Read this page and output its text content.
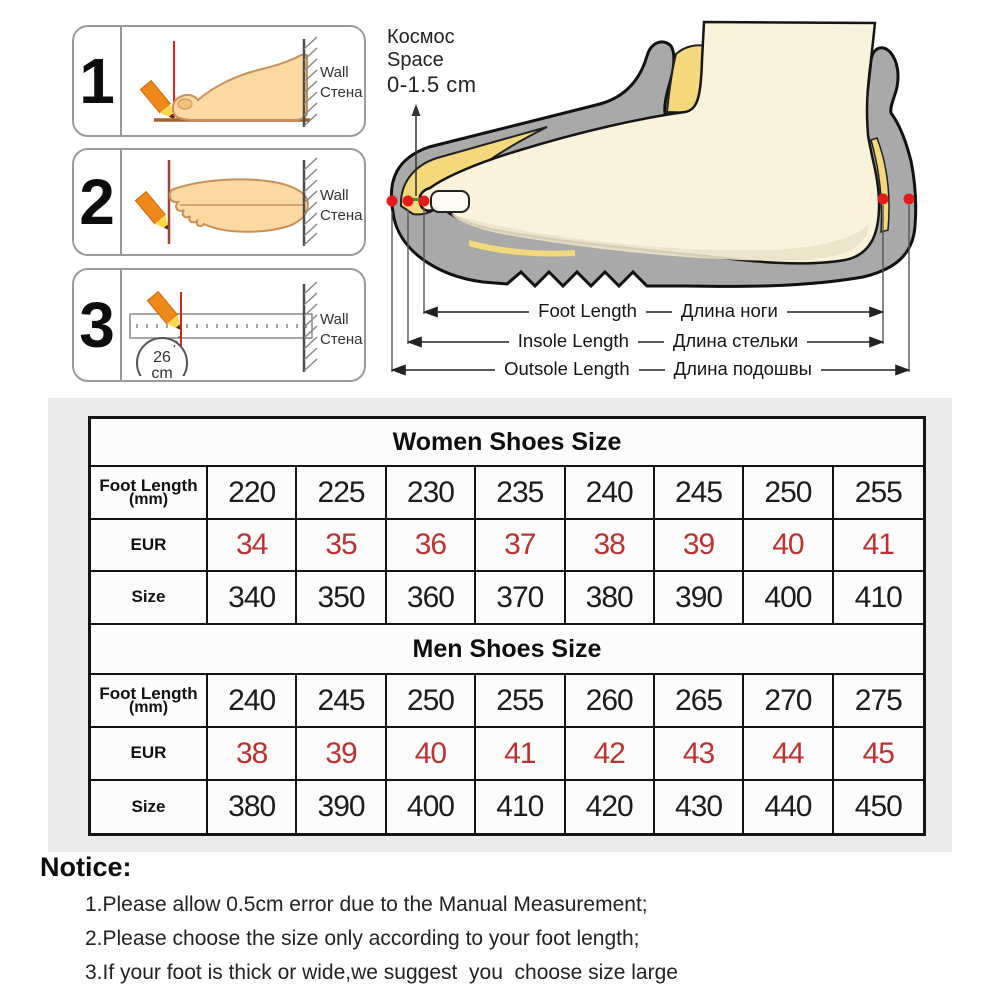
1	Wall
Стена
2	Wall
Стена
3	26
cm
Wall
Стена
Космос
Space
0-1.5 cm
Foot Length	Длина ноги
Insole Length	Длина стельки
Outsole Length	Длина подошвы
Women Shoes Size
Foot Length
(mm)	220	225	230	235	240	245	250	255
EUR	34	35	36	37	38	39	40	41
Size	340	350	360	370	380	390	400	410
Men Shoes Size
Foot Length
(mm)	240	245	250	255	260	265	270	275
EUR	38	39	40	41	42	43	44	45
Size	380	390	400	410	420	430	440	450
Notice:
1.Please allow 0.5cm error due to the Manual Measurement;
2.Please choose the size only according to your foot length;
3.If your foot is thick or wide,we suggest  you  choose size large
